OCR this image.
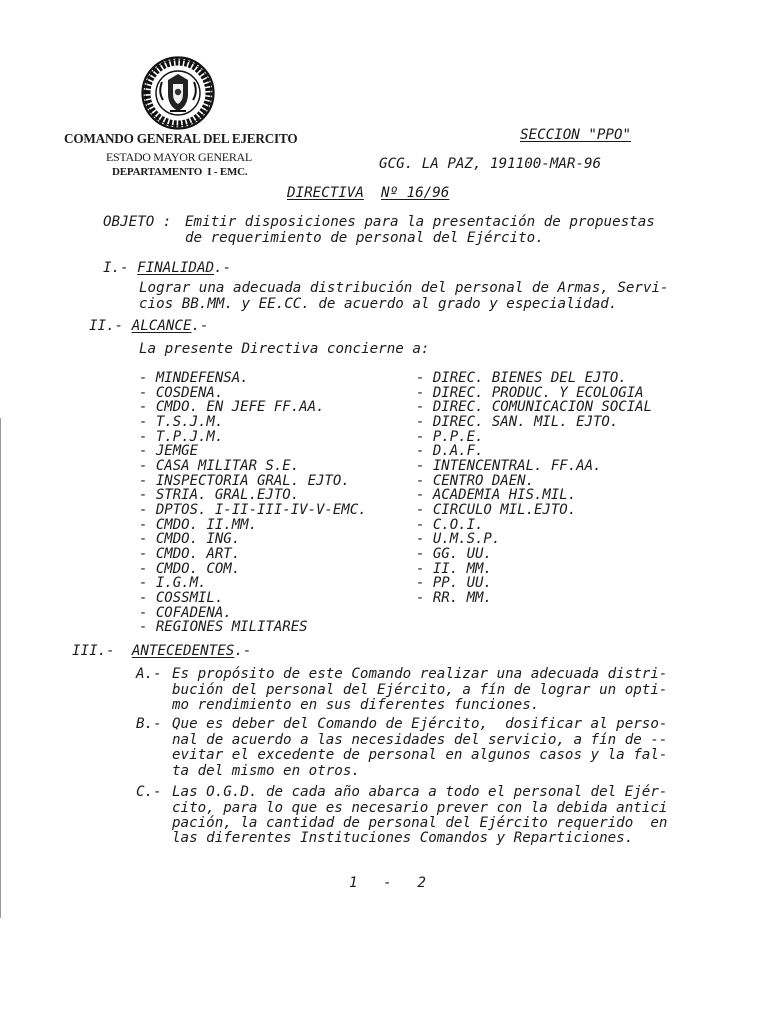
COMANDO GENERAL DEL EJERCITO
ESTADO MAYOR GENERAL
DEPARTAMENTO  I - EMC.
SECCION "PPO"
GCG. LA PAZ, 191100-MAR-96
DIRECTIVA Nº 16/96
OBJETO : Emitir disposiciones para la presentación de propuestas
de requerimiento de personal del Ejército.
I.- FINALIDAD.-
Lograr una adecuada distribución del personal de Armas, Servi-
cios BB.MM. y EE.CC. de acuerdo al grado y especialidad.
II.- ALCANCE.-
La presente Directiva concierne a:
- MINDEFENSA.
- COSDENA.
- CMDO. EN JEFE FF.AA.
- T.S.J.M.
- T.P.J.M.
- JEMGE
- CASA MILITAR S.E.
- INSPECTORIA GRAL. EJTO.
- STRIA. GRAL.EJTO.
- DPTOS. I-II-III-IV-V-EMC.
- CMDO. II.MM.
- CMDO. ING.
- CMDO. ART.
- CMDO. COM.
- I.G.M.
- COSSMIL.
- COFADENA.
- REGIONES MILITARES
- DIREC. BIENES DEL EJTO.
- DIREC. PRODUC. Y ECOLOGIA
- DIREC. COMUNICACION SOCIAL
- DIREC. SAN. MIL. EJTO.
- P.P.E.
- D.A.F.
- INTENCENTRAL. FF.AA.
- CENTRO DAEN.
- ACADEMIA HIS.MIL.
- CIRCULO MIL.EJTO.
- C.O.I.
- U.M.S.P.
- GG. UU.
- II. MM.
- PP. UU.
- RR. MM.
III.- ANTECEDENTES.-
A.- Es propósito de este Comando realizar una adecuada distri-
bución del personal del Ejército, a fín de lograr un opti-
mo rendimiento en sus diferentes funciones.
B.- Que es deber del Comando de Ejército,  dosificar al perso-
nal de acuerdo a las necesidades del servicio, a fín de --
evitar el excedente de personal en algunos casos y la fal-
ta del mismo en otros.
C.- Las O.G.D. de cada año abarca a todo el personal del Ejér-
cito, para lo que es necesario prever con la debida antici
pación, la cantidad de personal del Ejército requerido  en
las diferentes Instituciones Comandos y Reparticiones.
1   -   2
